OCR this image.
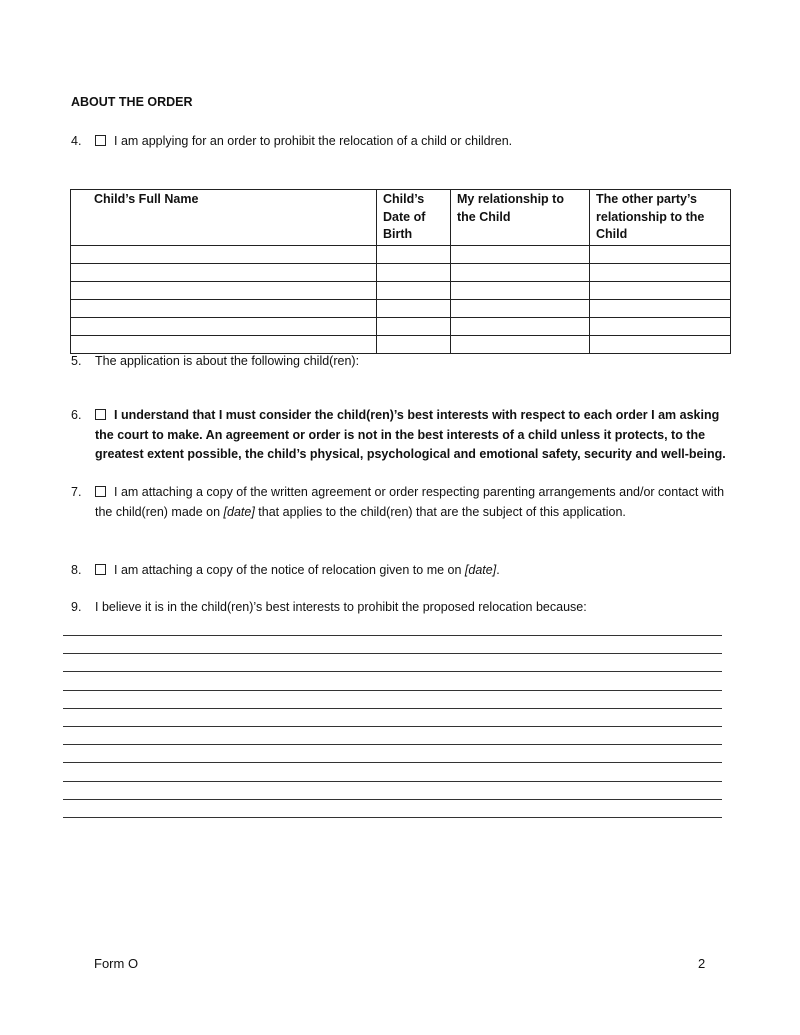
ABOUT THE ORDER
4.	I am applying for an order to prohibit the relocation of a child or children.
Child’s Full Name	Child’s Date of Birth	My relationship to the Child	The other party’s relationship to the Child

5. The application is about the following child(ren):
6.	I understand that I must consider the child(ren)’s best interests with respect to each order I am asking the court to make. An agreement or order is not in the best interests of a child unless it protects, to the greatest extent possible, the child’s physical, psychological and emotional safety, security and well-being.
7.	I am attaching a copy of the written agreement or order respecting parenting arrangements and/or contact with the child(ren) made on [date] that applies to the child(ren) that are the subject of this application.
8.	I am attaching a copy of the notice of relocation given to me on [date].
9. I believe it is in the child(ren)’s best interests to prohibit the proposed relocation because:
Form O	2
